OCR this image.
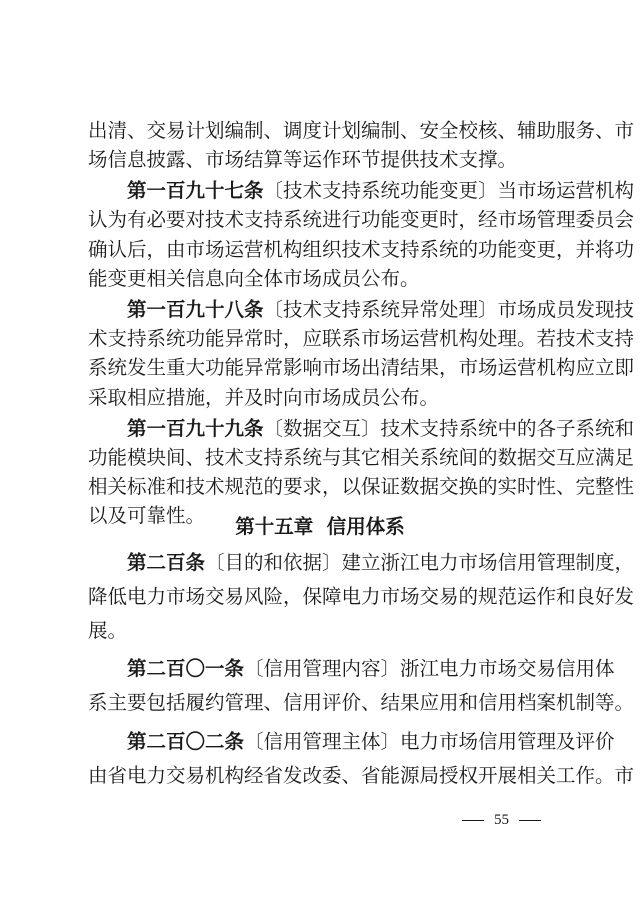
出清、交易计划编制、调度计划编制、安全校核、辅助服务、市
场信息披露、市场结算等运作环节提供技术支撑。
第一百九十七条〔技术支持系统功能变更〕当市场运营机构
认为有必要对技术支持系统进行功能变更时，经市场管理委员会
确认后，由市场运营机构组织技术支持系统的功能变更，并将功
能变更相关信息向全体市场成员公布。
第一百九十八条〔技术支持系统异常处理〕市场成员发现技
术支持系统功能异常时，应联系市场运营机构处理。若技术支持
系统发生重大功能异常影响市场出清结果，市场运营机构应立即
采取相应措施，并及时向市场成员公布。
第一百九十九条〔数据交互〕技术支持系统中的各子系统和
功能模块间、技术支持系统与其它相关系统间的数据交互应满足
相关标准和技术规范的要求，以保证数据交换的实时性、完整性
以及可靠性。	第十五章  信用体系
第二百条〔目的和依据〕建立浙江电力市场信用管理制度，
降低电力市场交易风险，保障电力市场交易的规范运作和良好发
展。
第二百〇一条〔信用管理内容〕浙江电力市场交易信用体
系主要包括履约管理、信用评价、结果应用和信用档案机制等。
55
第二百〇二条〔信用管理主体〕电力市场信用管理及评价
由省电力交易机构经省发改委、省能源局授权开展相关工作。市
